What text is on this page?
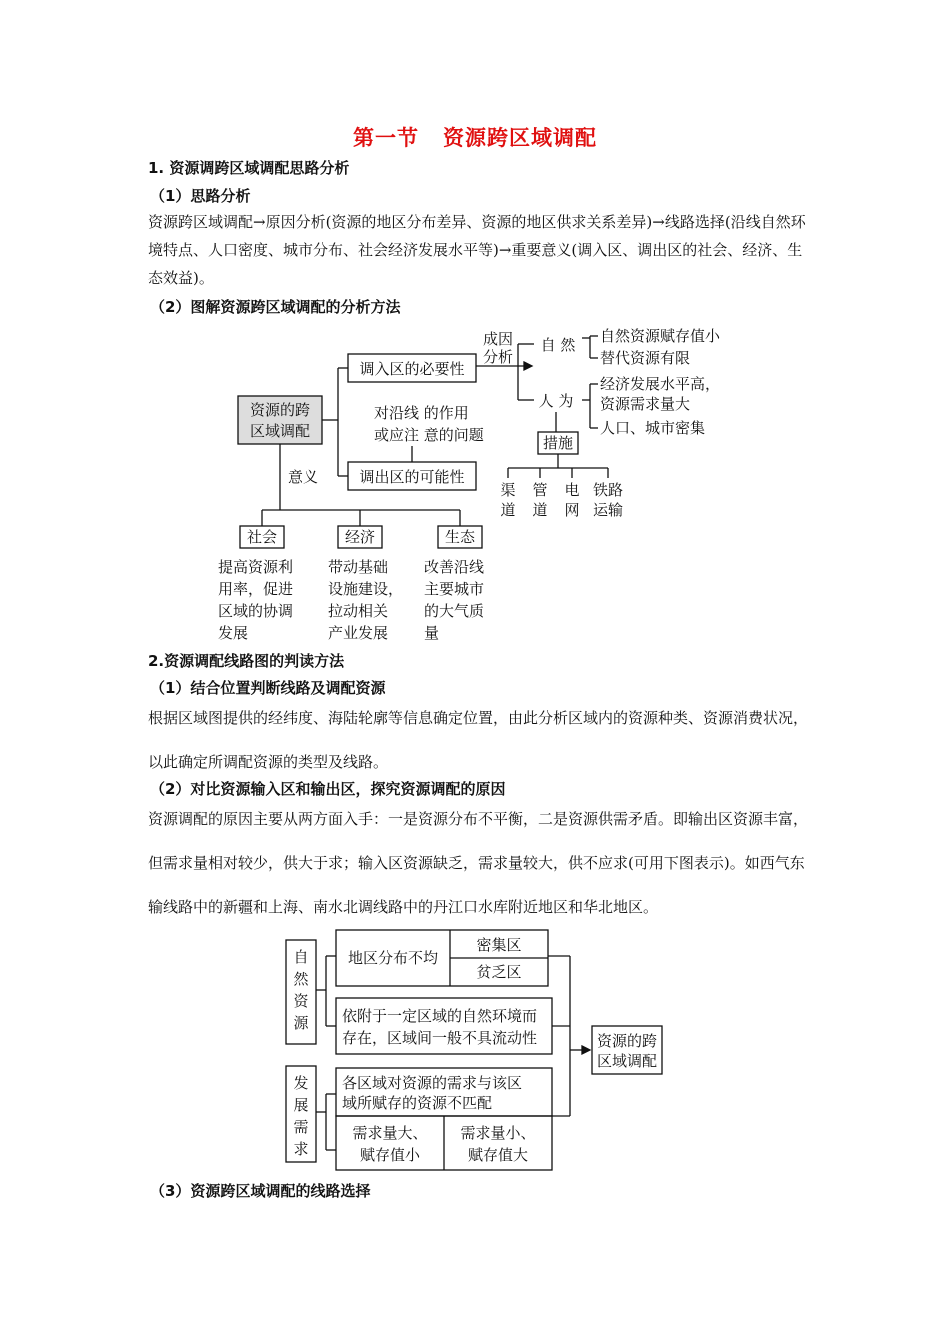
第一节 资源跨区域调配
1. 资源调跨区域调配思路分析
（1）思路分析
资源跨区域调配→原因分析(资源的地区分布差异、资源的地区供求关系差异)→线路选择(沿线自然环境特点、人口密度、城市分布、社会经济发展水平等)→重要意义(调入区、调出区的社会、经济、生态效益)。
（2）图解资源跨区域调配的分析方法
资源的跨
区域调配
调入区的必要性
调出区的可能性
成因
分析
自 然 自然资源赋存值小
替代资源有限
人 为
经济发展水平高，
资源需求量大
人口、城市密集
措施
渠
道
管
道
电
网
铁路
运输
对沿线 的作用
或应注 意的问题
意义
社会	经济	生态
提高资源利
用率，促进
区域的协调
发展
带动基础
设施建设，
拉动相关
产业发展
改善沿线
主要城市
的大气质
量
自
然
资
源
发
展
需
求
地区分布不均
密集区
贫乏区
依附于一定区域的自然环境而
存在，区域间一般不具流动性
各区域对资源的需求与该区
域所赋存的资源不匹配
需求量大、
赋存值小
需求量小、
赋存值大
资源的跨
区域调配
2.资源调配线路图的判读方法
（1）结合位置判断线路及调配资源
根据区域图提供的经纬度、海陆轮廓等信息确定位置，由此分析区域内的资源种类、资源消费状况，以此确定所调配资源的类型及线路。
（2）对比资源输入区和输出区，探究资源调配的原因
资源调配的原因主要从两方面入手：一是资源分布不平衡，二是资源供需矛盾。即输出区资源丰富，但需求量相对较少，供大于求；输入区资源缺乏，需求量较大，供不应求(可用下图表示)。如西气东输线路中的新疆和上海、南水北调线路中的丹江口水库附近地区和华北地区。
（3）资源跨区域调配的线路选择
